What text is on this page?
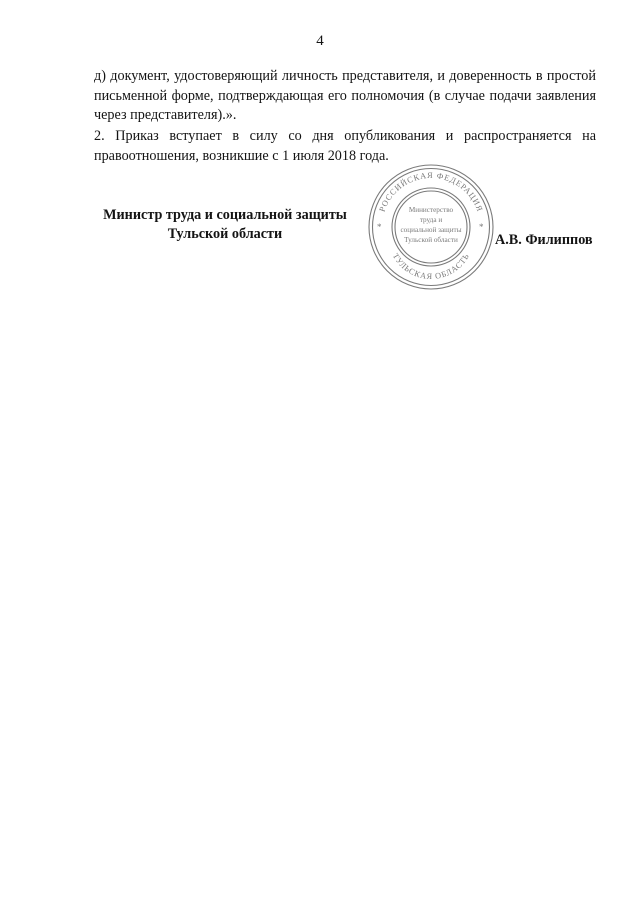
4

д) документ, удостоверяющий личность представителя, и доверенность в простой письменной форме, подтверждающая его полномочия (в случае подачи заявления через представителя).».

2. Приказ вступает в силу со дня опубликования и распространяется на правоотношения, возникшие с 1 июля 2018 года.

Министр труда и социальной защиты
Тульской области	А.В. Филиппов
РОССИЙСКАЯ ФЕДЕРАЦИЯ
ТУЛЬСКАЯ ОБЛАСТЬ
*	*
Министерство
труда и
социальной защиты
Тульской области
